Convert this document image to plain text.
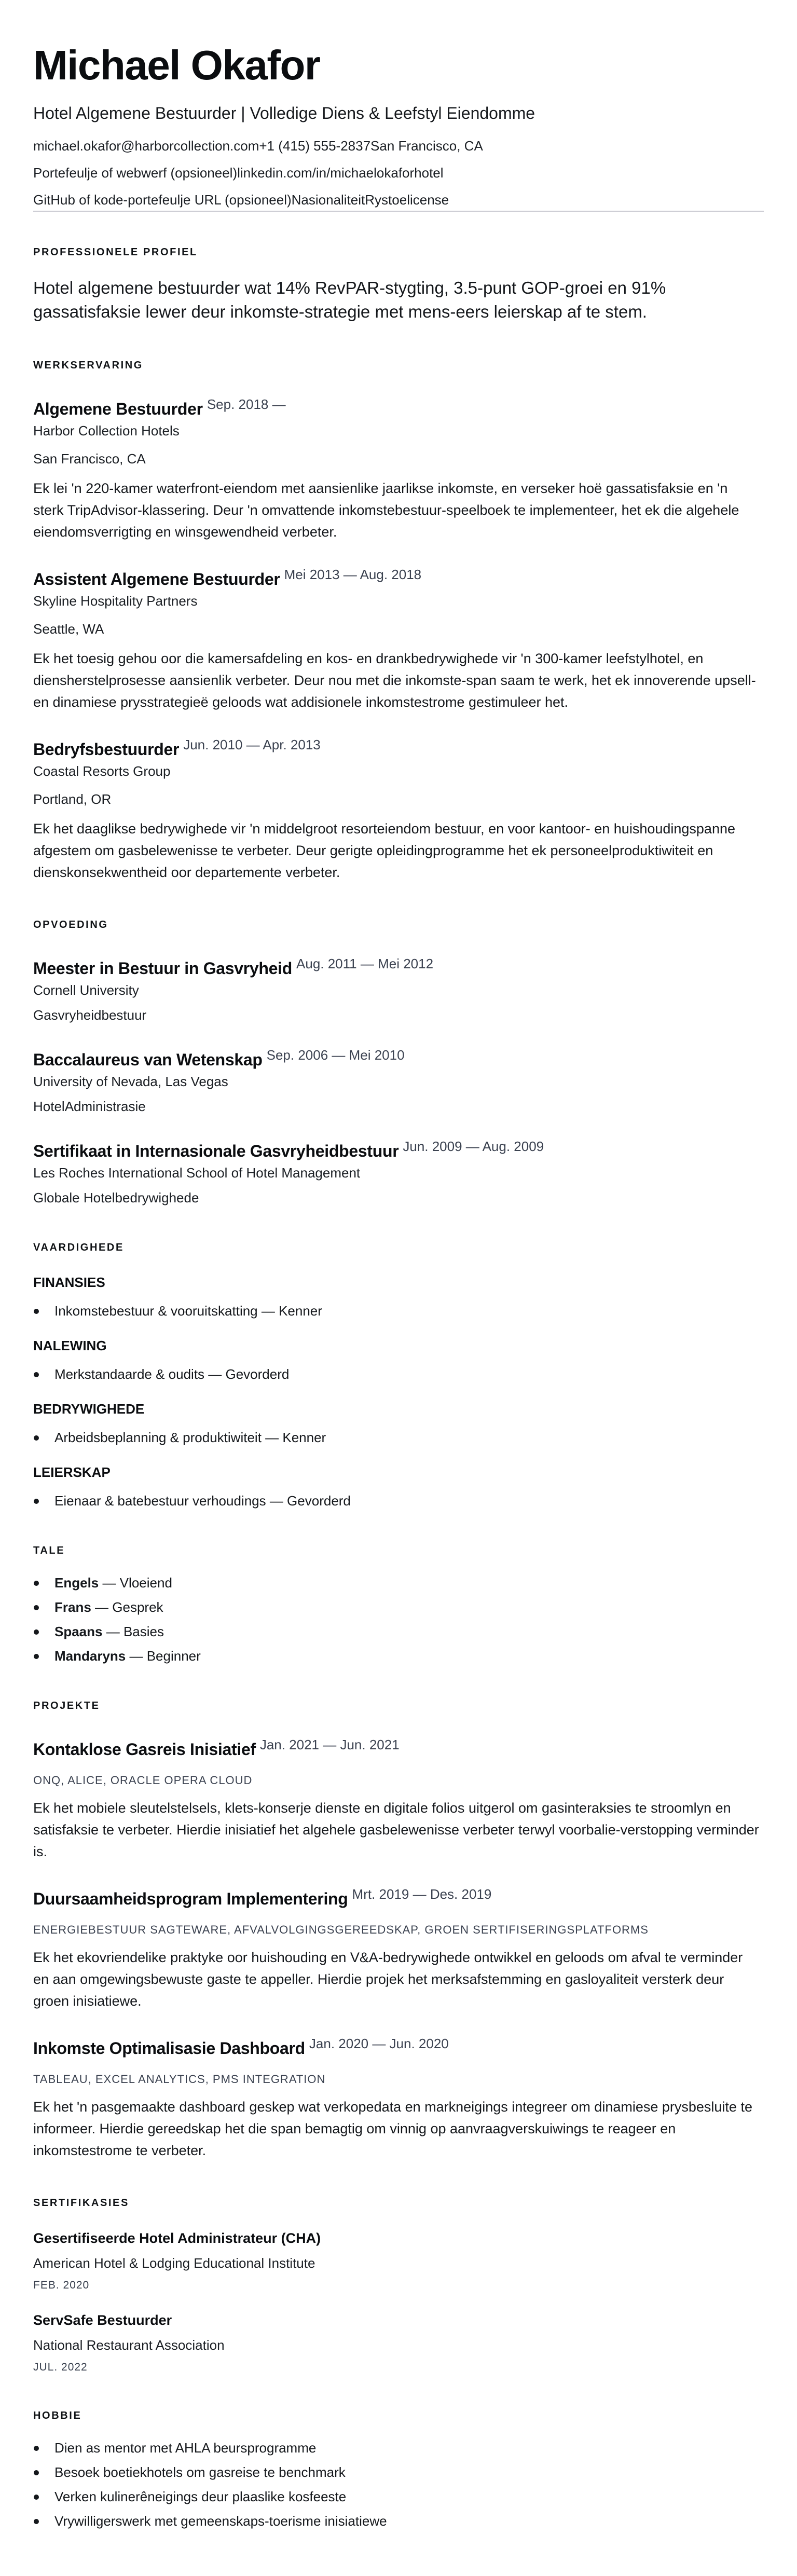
Michael Okafor
Hotel Algemene Bestuurder | Volledige Diens & Leefstyl Eiendomme
michael.okafor@harborcollection.com +1 (415) 555-2837 San Francisco, CA
Portefeulje of webwerf (opsioneel) linkedin.com/in/michaelokaforhotel
GitHub of kode-portefeulje URL (opsioneel) Nasionaliteit Rystoelicense
PROFESSIONELE PROFIEL

Hotel algemene bestuurder wat 14% RevPAR-stygting, 3.5-punt GOP-groei en 91% gassatisfaksie lewer deur inkomste-strategie met mens-eers leierskap af te stem.

WERKSERVARING
Algemene Bestuurder Sep. 2018 —
Harbor Collection Hotels
San Francisco, CA
Ek lei 'n 220-kamer waterfront-eiendom met aansienlike jaarlikse inkomste, en verseker hoë gassatisfaksie en 'n sterk TripAdvisor-klassering. Deur 'n omvattende inkomstebestuur-speelboek te implementeer, het ek die algehele eiendomsverrigting en winsgewendheid verbeter.
Assistent Algemene Bestuurder Mei 2013 — Aug. 2018
Skyline Hospitality Partners
Seattle, WA
Ek het toesig gehou oor die kamersafdeling en kos- en drankbedrywighede vir 'n 300-kamer leefstylhotel, en diensherstelprosesse aansienlik verbeter. Deur nou met die inkomste-span saam te werk, het ek innoverende upsell- en dinamiese prysstrategieë geloods wat addisionele inkomstestrome gestimuleer het.
Bedryfsbestuurder Jun. 2010 — Apr. 2013
Coastal Resorts Group
Portland, OR
Ek het daaglikse bedrywighede vir 'n middelgroot resorteiendom bestuur, en voor kantoor- en huishoudingspanne afgestem om gasbelewenisse te verbeter. Deur gerigte opleidingprogramme het ek personeelproduktiwiteit en dienskonsekwentheid oor departemente verbeter.
OPVOEDING
Meester in Bestuur in Gasvryheid Aug. 2011 — Mei 2012
Cornell University
Gasvryheidbestuur
Baccalaureus van Wetenskap Sep. 2006 — Mei 2010
University of Nevada, Las Vegas
HotelAdministrasie
Sertifikaat in Internasionale Gasvryheidbestuur Jun. 2009 — Aug. 2009
Les Roches International School of Hotel Management
Globale Hotelbedrywighede
VAARDIGHEDE
FINANSIES
Inkomstebestuur & vooruitskatting — Kenner
NALEWING
Merkstandaarde & oudits — Gevorderd
BEDRYWIGHEDE
Arbeidsbeplanning & produktiwiteit — Kenner
LEIERSKAP
Eienaar & batebestuur verhoudings — Gevorderd
TALE
Engels — Vloeiend
Frans — Gesprek
Spaans — Basies
Mandaryns — Beginner
PROJEKTE
Kontaklose Gasreis Inisiatief Jan. 2021 — Jun. 2021
ONQ, ALICE, ORACLE OPERA CLOUD
Ek het mobiele sleutelstelsels, klets-konserje dienste en digitale folios uitgerol om gasinteraksies te stroomlyn en satisfaksie te verbeter. Hierdie inisiatief het algehele gasbelewenisse verbeter terwyl voorbalie-verstopping verminder is.
Duursaamheidsprogram Implementering Mrt. 2019 — Des. 2019
ENERGIEBESTUUR SAGTEWARE, AFVALVOLGINGSGEREEDSKAP, GROEN SERTIFISERINGSPLATFORMS
Ek het ekovriendelike praktyke oor huishouding en V&A-bedrywighede ontwikkel en geloods om afval te verminder en aan omgewingsbewuste gaste te appeller. Hierdie projek het merksafstemming en gasloyaliteit versterk deur groen inisiatiewe.
Inkomste Optimalisasie Dashboard Jan. 2020 — Jun. 2020
TABLEAU, EXCEL ANALYTICS, PMS INTEGRATION
Ek het 'n pasgemaakte dashboard geskep wat verkopedata en markneigings integreer om dinamiese prysbesluite te informeer. Hierdie gereedskap het die span bemagtig om vinnig op aanvraagverskuiwings te reageer en inkomstestrome te verbeter.
SERTIFIKASIES
Gesertifiseerde Hotel Administrateur (CHA)
American Hotel & Lodging Educational Institute
FEB. 2020
ServSafe Bestuurder
National Restaurant Association
JUL. 2022
HOBBIE
Dien as mentor met AHLA beursprogramme
Besoek boetiekhotels om gasreise te benchmark
Verken kulinerêneigings deur plaaslike kosfeeste
Vrywilligerswerk met gemeenskaps-toerisme inisiatiewe
